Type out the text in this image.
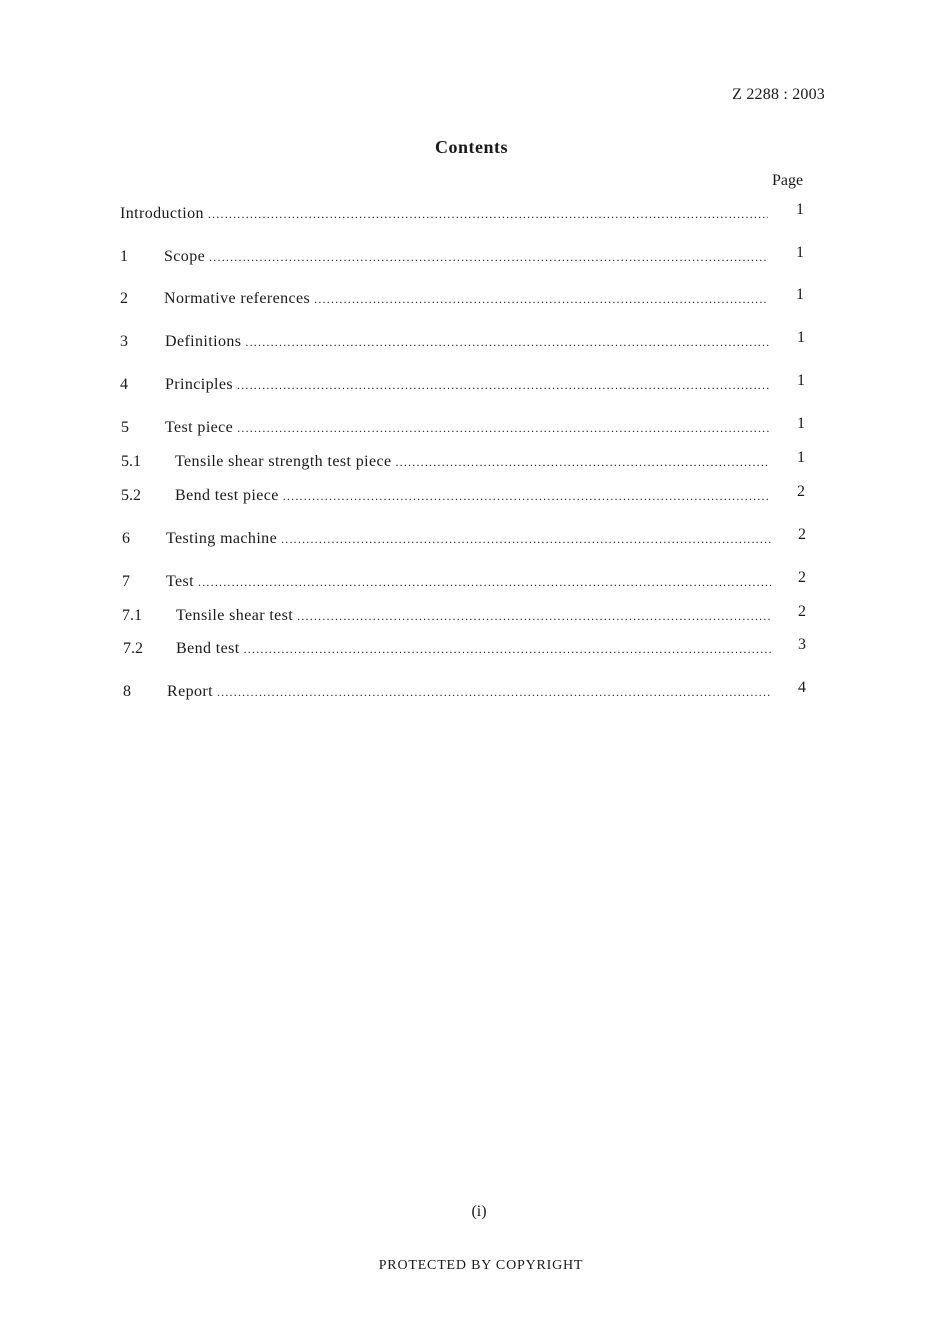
Z 2288 : 2003
Contents
Page
Introduction .....	1
1 Scope .....	1
2 Normative references .....	1
3 Definitions .....	1
4 Principles .....	1
5 Test piece .....	1
5.1 Tensile shear strength test piece .....	1
5.2 Bend test piece .....	2
6 Testing machine .....	2
7 Test .....	2
7.1 Tensile shear test .....	2
7.2 Bend test .....	3
8 Report .....	4
(i)
PROTECTED BY COPYRIGHT
